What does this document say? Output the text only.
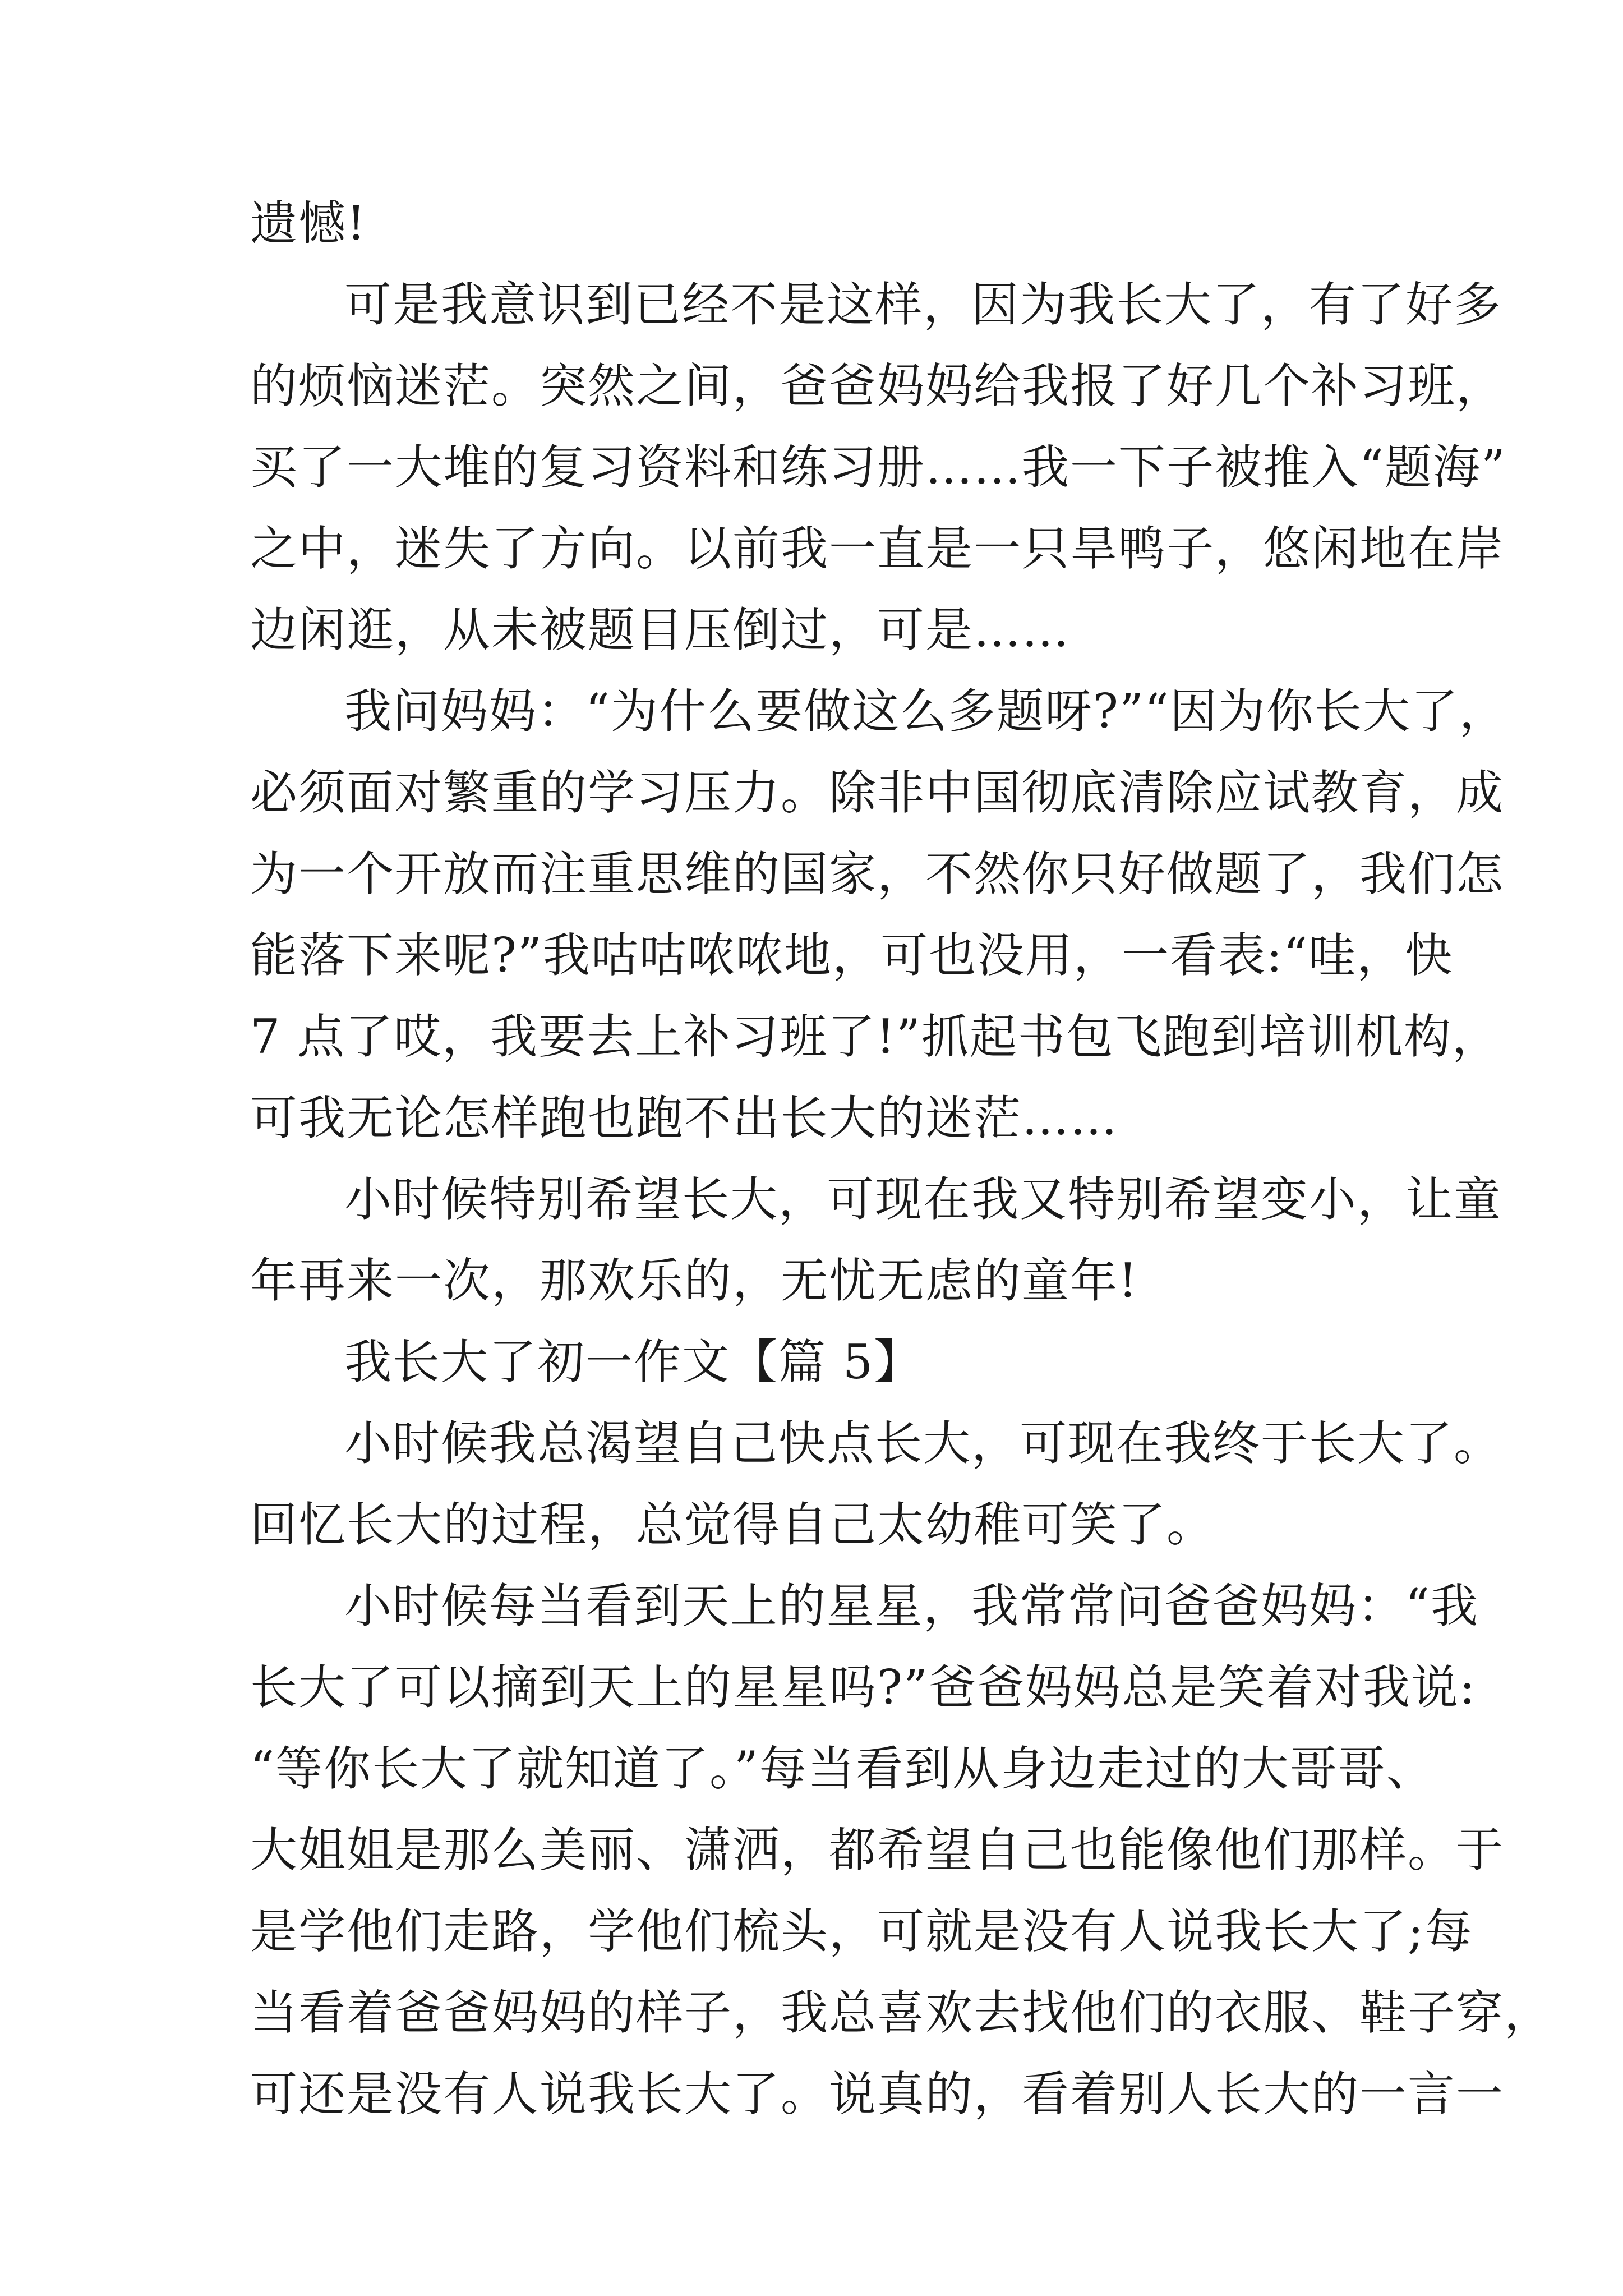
遗憾!
可是我意识到已经不是这样，因为我长大了，有了好多
的烦恼迷茫。突然之间，爸爸妈妈给我报了好几个补习班，
买了一大堆的复习资料和练习册……我一下子被推入“题海”
之中，迷失了方向。以前我一直是一只旱鸭子，悠闲地在岸
边闲逛，从未被题目压倒过，可是……
我问妈妈：“为什么要做这么多题呀?”“因为你长大了，
必须面对繁重的学习压力。除非中国彻底清除应试教育，成
为一个开放而注重思维的国家，不然你只好做题了，我们怎
能落下来呢?”我咕咕哝哝地，可也没用，一看表:“哇，快
7 点了哎，我要去上补习班了!”抓起书包飞跑到培训机构，
可我无论怎样跑也跑不出长大的迷茫……
小时候特别希望长大，可现在我又特别希望变小，让童
年再来一次，那欢乐的，无忧无虑的童年!
我长大了初一作文【篇 5】
小时候我总渴望自己快点长大，可现在我终于长大了。
回忆长大的过程，总觉得自己太幼稚可笑了。
小时候每当看到天上的星星，我常常问爸爸妈妈：“我
长大了可以摘到天上的星星吗?”爸爸妈妈总是笑着对我说:
“等你长大了就知道了。”每当看到从身边走过的大哥哥、
大姐姐是那么美丽、潇洒，都希望自己也能像他们那样。于
是学他们走路，学他们梳头，可就是没有人说我长大了;每
当看着爸爸妈妈的样子，我总喜欢去找他们的衣服、鞋子穿，
可还是没有人说我长大了。说真的，看着别人长大的一言一
